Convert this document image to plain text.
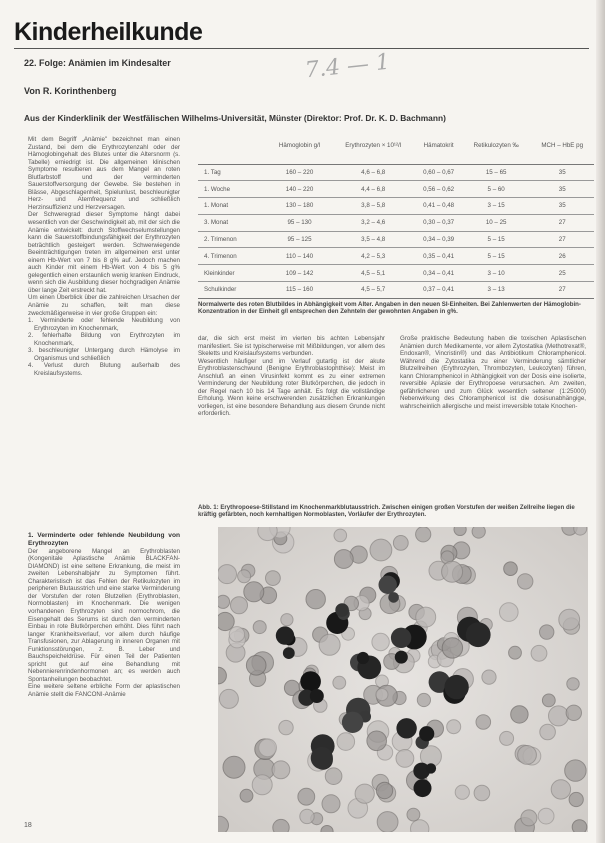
Kinderheilkunde
7.4 — 1
22. Folge: Anämien im Kindesalter
Von R. Korinthenberg
Aus der Kinderklinik der Westfälischen Wilhelms-Universität, Münster (Direktor: Prof. Dr. K. D. Bachmann)

Mit dem Begriff „Anämie" bezeichnet man einen Zustand, bei dem die Erythrozytenzahl oder der Hämoglobingehalt des Blutes unter die Altersnorm (s. Tabelle) erniedrigt ist. Die allgemeinen klinischen Symptome resultieren aus dem Mangel an roten Blutfarbstoff und der verminderten Sauerstoffversorgung der Gewebe. Sie bestehen in Blässe, Abgeschlagenheit, Spielunlust, beschleunigter Herz- und Atemfrequenz und schließlich Herzinsuffizienz und Herzversagen.

Der Schweregrad dieser Symptome hängt dabei wesentlich von der Geschwindigkeit ab, mit der sich die Anämie entwickelt: durch Stoffwechselumstellungen kann die Sauerstoffbindungsfähigkeit der Erythrozyten beträchtlich gesteigert werden. Schwerwiegende Beeinträchtigungen treten im allgemeinen erst unter einem Hb-Wert von 7 bis 8 g% auf. Jedoch machen auch Kinder mit einem Hb-Wert von 4 bis 5 g% gelegentlich einen erstaunlich wenig kranken Eindruck, wenn sich die Ausbildung dieser hochgradigen Anämie über lange Zeit erstreckt hat.

Um einen Überblick über die zahlreichen Ursachen der Anämie zu schaffen, teilt man diese zweckmäßigerweise in vier große Gruppen ein:

1. Verminderte oder fehlende Neubildung von Erythrozyten im Knochenmark,

2. fehlerhafte Bildung von Erythrozyten im Knochenmark,

3. beschleunigter Untergang durch Hämolyse im Organismus und schließlich

4. Verlust durch Blutung außerhalb des Kreislaufsystems.

1. Verminderte oder fehlende Neubildung von Erythrozyten

Der angeborene Mangel an Erythroblasten (Kongenitale Aplastische Anämie BLACKFAN-DIAMOND) ist eine seltene Erkrankung, die meist im zweiten Lebenshalbjahr zu Symptomen führt. Charakteristisch ist das Fehlen der Retikulozyten im peripheren Blutausstrich und eine starke Verminderung der Vorstufen der roten Blutzellen (Erythroblasten, Normoblasten) im Knochenmark. Die wenigen vorhandenen Erythrozyten sind normochrom, die Eisengehalt des Serums ist durch den verminderten Einbau in rote Blutkörperchen erhöht. Dies führt nach langer Krankheitsverlauf, vor allem durch häufige Transfusionen, zur Ablagerung in inneren Organen mit Funktionsstörungen, z. B. Leber und Bauchspeicheldrüse. Für einen Teil der Patienten spricht gut auf eine Behandlung mit Nebennierenrindenhormonen an; es werden auch Spontanheilungen beobachtet.

Eine weitere seltene erbliche Form der aplastischen Anämie stellt die FANCONI-Anämie

	Hämoglobin g/l	Erythrozyten × 10¹²/l	Hämatokrit	Retikulozyten ‰	MCH – HbE pg
1. Tag	160 – 220	4,6 – 6,8	0,60 – 0,67	15 – 65	35
1. Woche	140 – 220	4,4 – 6,8	0,56 – 0,62	5 – 60	35
1. Monat	130 – 180	3,8 – 5,8	0,41 – 0,48	3 – 15	35
3. Monat	95 – 130	3,2 – 4,6	0,30 – 0,37	10 – 25	27
2. Trimenon	95 – 125	3,5 – 4,8	0,34 – 0,39	5 – 15	27
4. Trimenon	110 – 140	4,2 – 5,3	0,35 – 0,41	5 – 15	26
Kleinkinder	109 – 142	4,5 – 5,1	0,34 – 0,41	3 – 10	25
Schulkinder	115 – 160	4,5 – 5,7	0,37 – 0,41	3 – 13	27
Normalwerte des roten Blutbildes in Abhängigkeit vom Alter. Angaben in den neuen SI-Einheiten. Bei Zahlenwerten der Hämoglobin-Konzentration in der Einheit g/l entsprechen den Zehnteln der gewohnten Angaben in g%.

dar, die sich erst meist im vierten bis achten Lebensjahr manifestiert. Sie ist typischerweise mit Mißbildungen, vor allem des Skeletts und Kreislaufsystems verbunden.

Wesentlich häufiger und im Verlauf gutartig ist der akute Erythroblastenschwund (Benigne Erythroblastophthise): Meist im Anschluß an einen Virusinfekt kommt es zu einer extremen Verminderung der Neubildung roter Blutkörperchen, die jedoch in der Regel nach 10 bis 14 Tage anhält. Es folgt die vollständige Erholung. Wenn keine erschwerenden zusätzlichen Erkrankungen vorliegen, ist eine besondere Behandlung aus diesem Grunde nicht erforderlich.

Große praktische Bedeutung haben die toxischen Aplastischen Anämien durch Medikamente, vor allem Zytostatika (Methotrexat®, Endoxan®, Vincristin®) und das Antibiotikum Chloramphenicol. Während die Zytostatika zu einer Verminderung sämtlicher Blutzellreihen (Erythrozyten, Thrombozyten, Leukozyten) führen, kann Chloramphenicol in Abhängigkeit von der Dosis eine isolierte, reversible Aplasie der Erythropoese verursachen. Am zweiten, gefährlicheren und zum Glück wesentlich seltener (1:25000) Nebenwirkung des Chloramphenicol ist die dosisunabhängige, wahrscheinlich allergische und meist irreversible totale Knochen-

Abb. 1: Erythropoese-Stillstand im Knochenmarkblutausstrich. Zwischen einigen großen Vorstufen der weißen Zellreihe liegen die kräftig gefärbten, noch kernhaltigen Normoblasten, Vorläufer der Erythrozyten.
18
